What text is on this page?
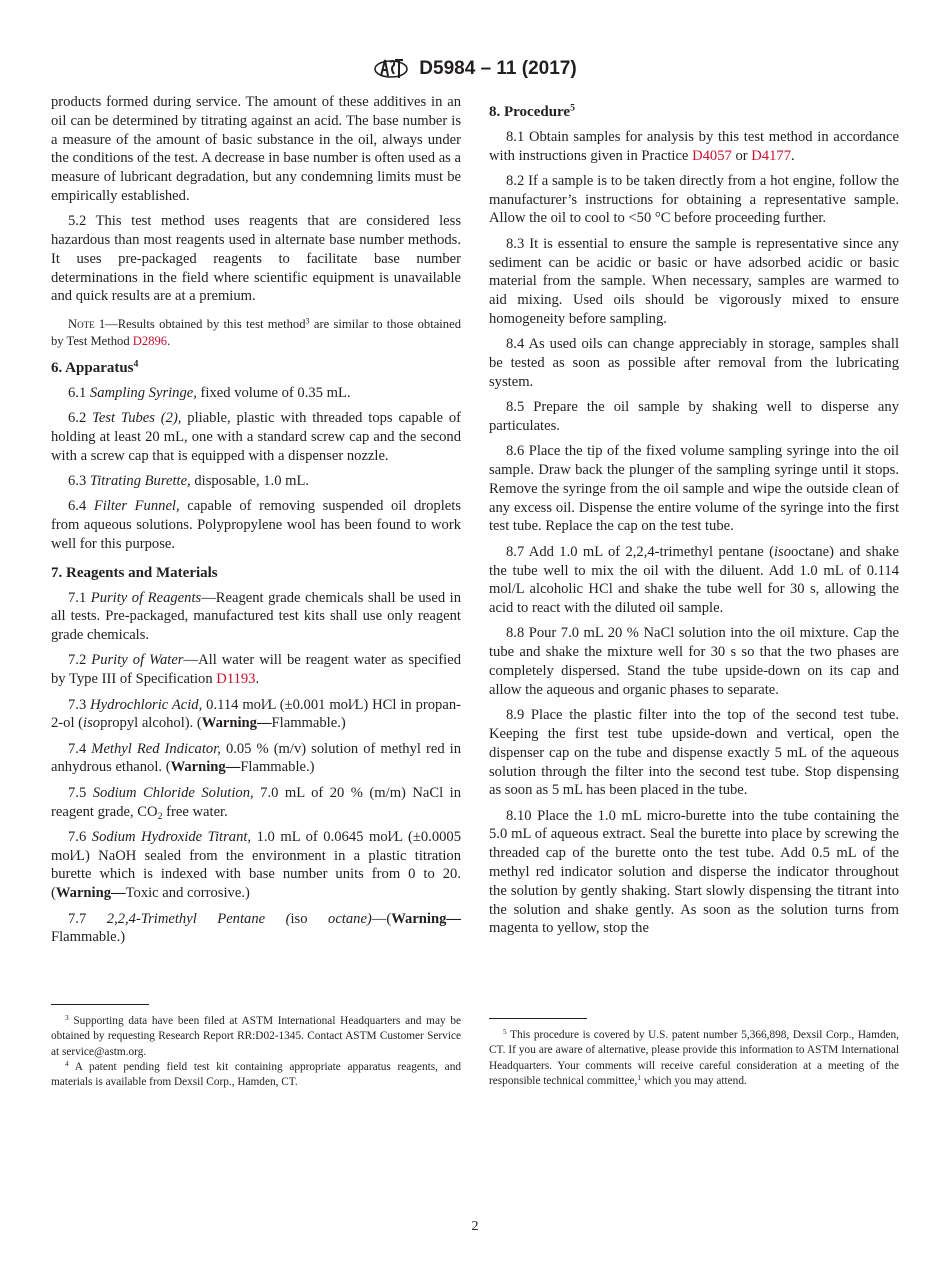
D5984 – 11 (2017)

products formed during service. The amount of these additives in an oil can be determined by titrating against an acid. The base number is a measure of the amount of basic substance in the oil, always under the conditions of the test. A decrease in base number is often used as a measure of lubricant degradation, but any condemning limits must be empirically established.

5.2 This test method uses reagents that are considered less hazardous than most reagents used in alternate base number methods. It uses pre-packaged reagents to facilitate base number determinations in the field where scientific equipment is unavailable and quick results are at a premium.

Note 1—Results obtained by this test method$^3$ are similar to those obtained by Test Method D2896.

6. Apparatus$^4$

6.1 Sampling Syringe, fixed volume of 0.35 mL.

6.2 Test Tubes (2), pliable, plastic with threaded tops capable of holding at least 20 mL, one with a standard screw cap and the second with a screw cap that is equipped with a dispenser nozzle.

6.3 Titrating Burette, disposable, 1.0 mL.

6.4 Filter Funnel, capable of removing suspended oil droplets from aqueous solutions. Polypropylene wool has been found to work well for this purpose.

7. Reagents and Materials

7.1 Purity of Reagents—Reagent grade chemicals shall be used in all tests. Pre-packaged, manufactured test kits shall use only reagent grade chemicals.

7.2 Purity of Water—All water will be reagent water as specified by Type III of Specification D1193.

7.3 Hydrochloric Acid, 0.114 mol⁄L (±0.001 mol⁄L) HCl in propan-2-ol (isopropyl alcohol). (Warning—Flammable.)

7.4 Methyl Red Indicator, 0.05 % (m/v) solution of methyl red in anhydrous ethanol. (Warning—Flammable.)

7.5 Sodium Chloride Solution, 7.0 mL of 20 % (m/m) NaCl in reagent grade, $CO_2$ free water.

7.6 Sodium Hydroxide Titrant, 1.0 mL of 0.0645 mol⁄L (±0.0005 mol⁄L) NaOH sealed from the environment in a plastic titration burette which is indexed with base number units from 0 to 20. (Warning—Toxic and corrosive.)

7.7 2,2,4-Trimethyl Pentane (iso octane)—(Warning— Flammable.)

8. Procedure$^5$

8.1 Obtain samples for analysis by this test method in accordance with instructions given in Practice D4057 or D4177.

8.2 If a sample is to be taken directly from a hot engine, follow the manufacturer’s instructions for obtaining a representative sample. Allow the oil to cool to <50 °C before proceeding further.

8.3 It is essential to ensure the sample is representative since any sediment can be acidic or basic or have adsorbed acidic or basic material from the sample. When necessary, samples are warmed to aid mixing. Used oils should be vigorously mixed to ensure homogeneity before sampling.

8.4 As used oils can change appreciably in storage, samples shall be tested as soon as possible after removal from the lubricating system.

8.5 Prepare the oil sample by shaking well to disperse any particulates.

8.6 Place the tip of the fixed volume sampling syringe into the oil sample. Draw back the plunger of the sampling syringe until it stops. Remove the syringe from the oil sample and wipe the outside clean of any excess oil. Dispense the entire volume of the syringe into the first test tube. Replace the cap on the test tube.

8.7 Add 1.0 mL of 2,2,4-trimethyl pentane (isooctane) and shake the tube well to mix the oil with the diluent. Add 1.0 mL of 0.114 mol/L alcoholic HCl and shake the tube well for 30 s, allowing the acid to react with the diluted oil sample.

8.8 Pour 7.0 mL 20 % NaCl solution into the oil mixture. Cap the tube and shake the mixture well for 30 s so that the two phases are completely dispersed. Stand the tube upside-down on its cap and allow the aqueous and organic phases to separate.

8.9 Place the plastic filter into the top of the second test tube. Keeping the first test tube upside-down and vertical, open the dispenser cap on the tube and dispense exactly 5 mL of the aqueous solution through the filter into the second test tube. Stop dispensing as soon as 5 mL has been placed in the tube.

8.10 Place the 1.0 mL micro-burette into the tube containing the 5.0 mL of aqueous extract. Seal the burette into place by screwing the threaded cap of the burette onto the test tube. Add 0.5 mL of the methyl red indicator solution and disperse the indicator throughout the solution by gently shaking. Start slowly dispensing the titrant into the solution and shake gently. As soon as the solution turns from magenta to yellow, stop the

$^3$ Supporting data have been filed at ASTM International Headquarters and may be obtained by requesting Research Report RR:D02-1345. Contact ASTM Customer Service at service@astm.org.

$^4$ A patent pending field test kit containing appropriate apparatus reagents, and materials is available from Dexsil Corp., Hamden, CT.

$^5$ This procedure is covered by U.S. patent number 5,366,898, Dexsil Corp., Hamden, CT. If you are aware of alternative, please provide this information to ASTM International Headquarters. Your comments will receive careful consideration at a meeting of the responsible technical committee,$^1$ which you may attend.

2
